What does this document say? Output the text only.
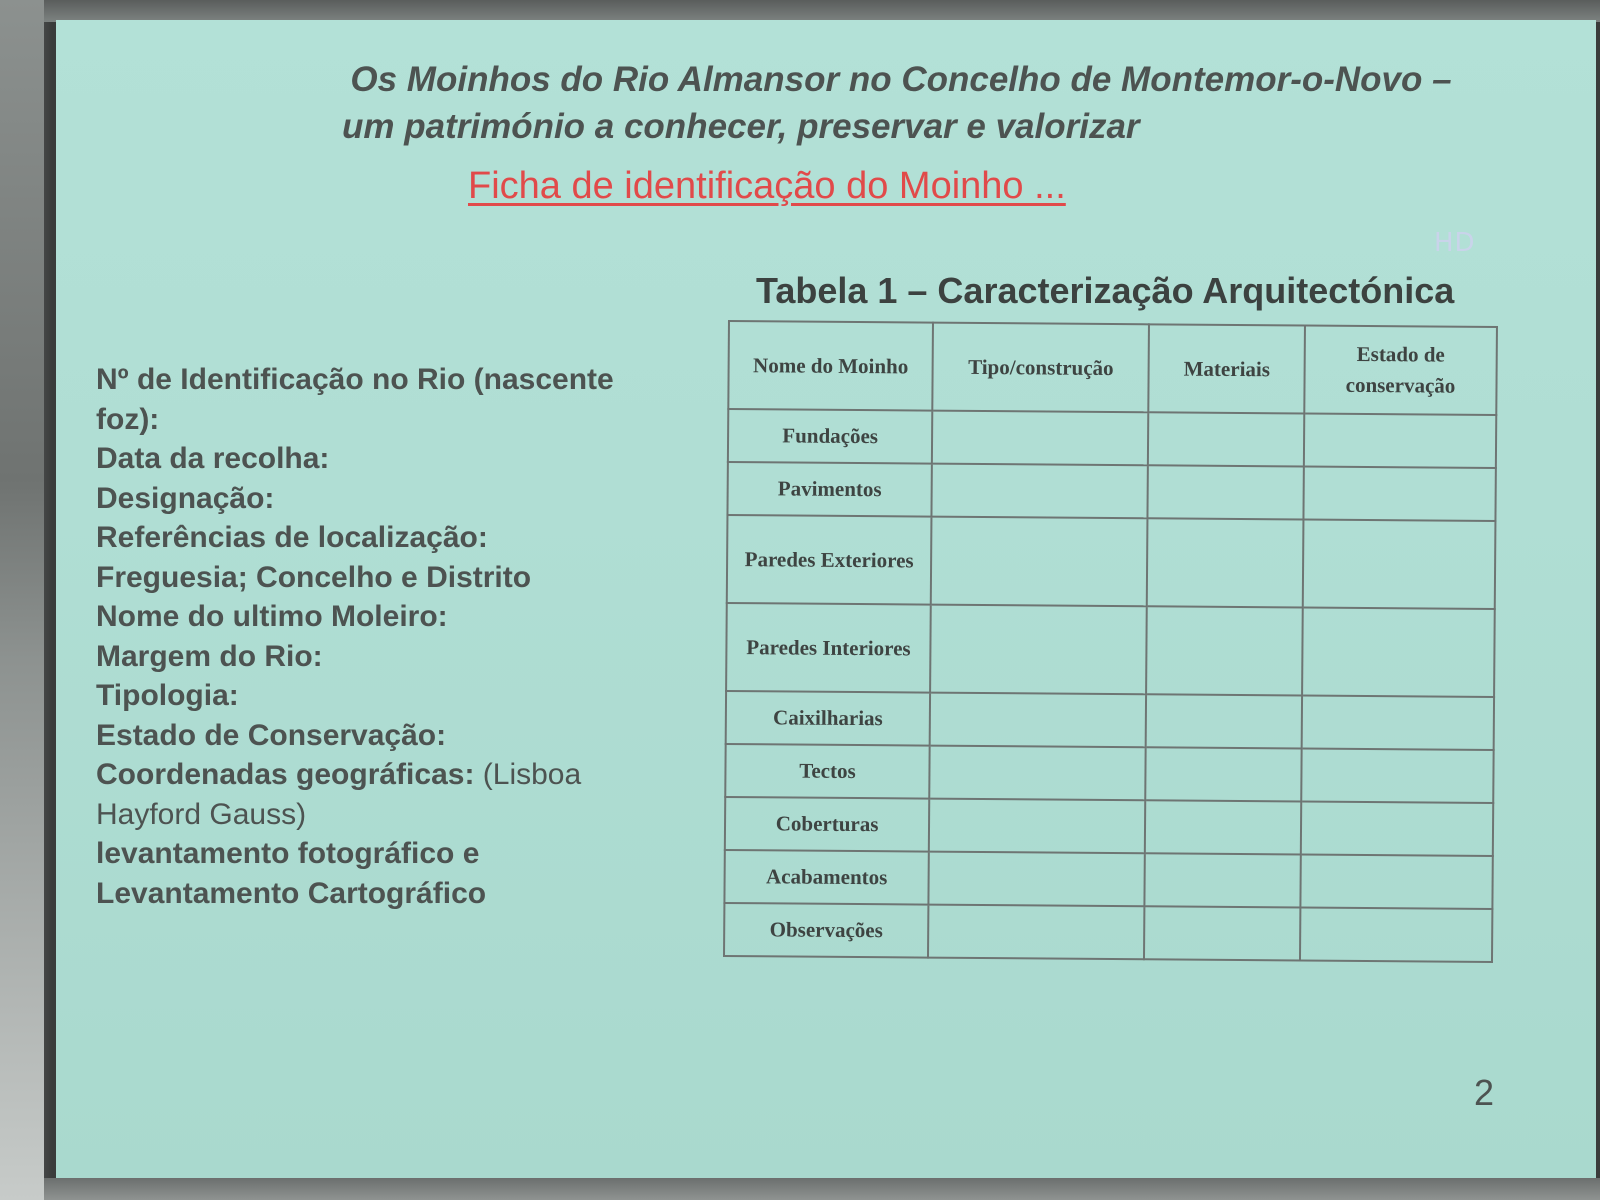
Os Moinhos do Rio Almansor no Concelho de Montemor-o-Novo –
um património a conhecer, preservar e valorizar
Ficha de identificação do Moinho ...
HD
Nº de Identificação no Rio (nascente
foz):
Data da recolha:
Designação:
Referências de localização:
Freguesia; Concelho e Distrito
Nome do ultimo Moleiro:
Margem do Rio:
Tipologia:
Estado de Conservação:
Coordenadas geográficas: (Lisboa
Hayford Gauss)
levantamento fotográfico e
Levantamento Cartográfico
Tabela 1 – Caracterização Arquitectónica
Nome do Moinho	Tipo/construção	Materiais	Estado de conservação
Fundações			
Pavimentos			
Paredes Exteriores			
Paredes Interiores			
Caixilharias			
Tectos			
Coberturas			
Acabamentos			
Observações			
2
